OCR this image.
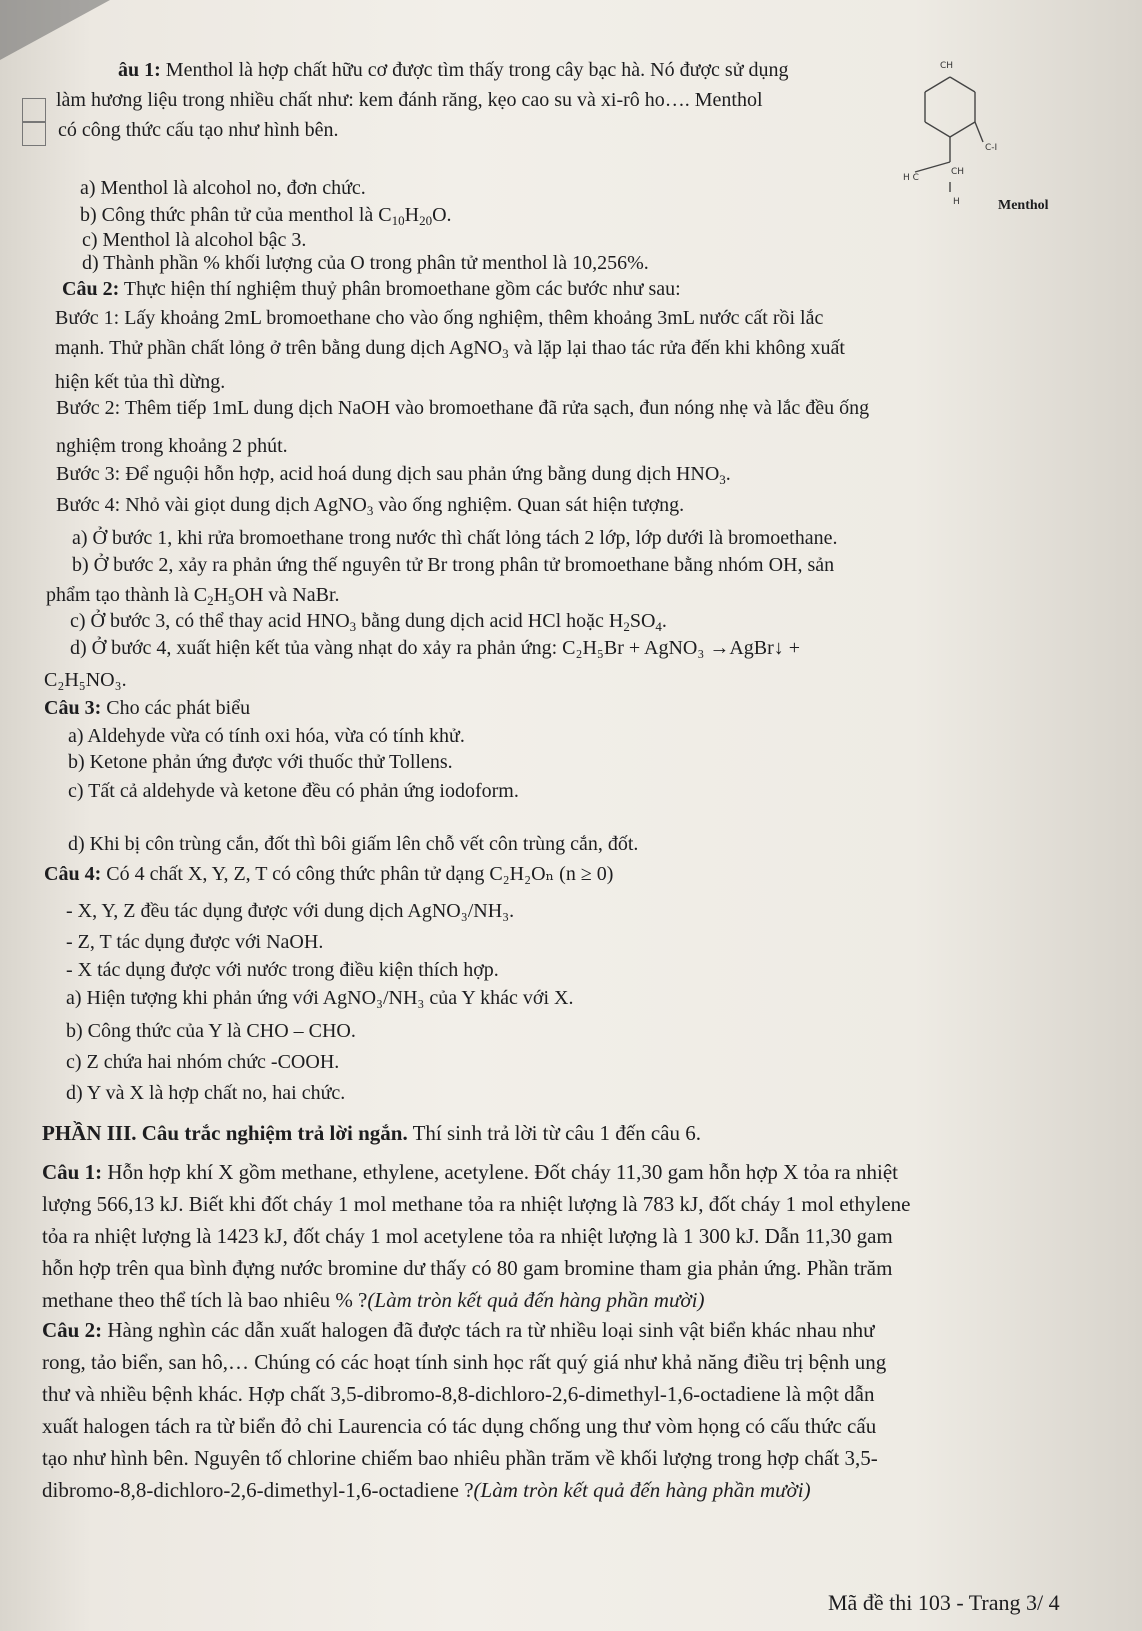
âu 1: Menthol là hợp chất hữu cơ được tìm thấy trong cây bạc hà. Nó được sử dụng
làm hương liệu trong nhiều chất như: kem đánh răng, kẹo cao su và xi-rô ho…. Menthol
có công thức cấu tạo như hình bên.
a) Menthol là alcohol no, đơn chức.
b) Công thức phân tử của menthol là $C_{10}H_{20}O$.
c) Menthol là alcohol bậc 3.
d) Thành phần % khối lượng của O trong phân tử menthol là 10,256%.
CH
C-I
H C
CH
H	Menthol
Câu 2: Thực hiện thí nghiệm thuỷ phân bromoethane gồm các bước như sau:
Bước 1: Lấy khoảng 2mL bromoethane cho vào ống nghiệm, thêm khoảng 3mL nước cất rồi lắc
mạnh. Thử phần chất lỏng ở trên bằng dung dịch AgNO$_3$ và lặp lại thao tác rửa đến khi không xuất
hiện kết tủa thì dừng.
Bước 2: Thêm tiếp 1mL dung dịch NaOH vào bromoethane đã rửa sạch, đun nóng nhẹ và lắc đều ống
nghiệm trong khoảng 2 phút.
Bước 3: Để nguội hỗn hợp, acid hoá dung dịch sau phản ứng bằng dung dịch $HNO_3$.
Bước 4: Nhỏ vài giọt dung dịch AgNO$_3$ vào ống nghiệm. Quan sát hiện tượng.
a) Ở bước 1, khi rửa bromoethane trong nước thì chất lỏng tách 2 lớp, lớp dưới là bromoethane.
b) Ở bước 2, xảy ra phản ứng thế nguyên tử Br trong phân tử bromoethane bằng nhóm OH, sản
phẩm tạo thành là $C_2H_5OH$ và NaBr.
c) Ở bước 3, có thể thay acid $HNO_3$ bằng dung dịch acid HCl hoặc $H_2SO_4$.
d) Ở bước 4, xuất hiện kết tủa vàng nhạt do xảy ra phản ứng: C₂H₅Br + AgNO₃ →AgBr↓ +
C₂H₅NO₃.
Câu 3: Cho các phát biểu
a) Aldehyde vừa có tính oxi hóa, vừa có tính khử.
b) Ketone phản ứng được với thuốc thử Tollens.
c) Tất cả aldehyde và ketone đều có phản ứng iodoform.
d) Khi bị côn trùng cắn, đốt thì bôi giấm lên chỗ vết côn trùng cắn, đốt.
Câu 4: Có 4 chất X, Y, Z, T có công thức phân tử dạng C₂H₂Oₙ (n ≥ 0)
- X, Y, Z đều tác dụng được với dung dịch AgNO₃/NH₃.
- Z, T tác dụng được với NaOH.
- X tác dụng được với nước trong điều kiện thích hợp.
a) Hiện tượng khi phản ứng với AgNO₃/NH₃ của Y khác với X.
b) Công thức của Y là CHO – CHO.
c) Z chứa hai nhóm chức -COOH.
d) Y và X là hợp chất no, hai chức.
PHẦN III. Câu trắc nghiệm trả lời ngắn. Thí sinh trả lời từ câu 1 đến câu 6.
Câu 1: Hỗn hợp khí X gồm methane, ethylene, acetylene. Đốt cháy 11,30 gam hỗn hợp X tỏa ra nhiệt
lượng 566,13 kJ. Biết khi đốt cháy 1 mol methane tỏa ra nhiệt lượng là 783 kJ, đốt cháy 1 mol ethylene
tỏa ra nhiệt lượng là 1423 kJ, đốt cháy 1 mol acetylene tỏa ra nhiệt lượng là 1 300 kJ. Dẫn 11,30 gam
hỗn hợp trên qua bình đựng nước bromine dư thấy có 80 gam bromine tham gia phản ứng. Phần trăm
methane theo thể tích là bao nhiêu % ?(Làm tròn kết quả đến hàng phần mười)
Câu 2: Hàng nghìn các dẫn xuất halogen đã được tách ra từ nhiều loại sinh vật biển khác nhau như
rong, tảo biển, san hô,… Chúng có các hoạt tính sinh học rất quý giá như khả năng điều trị bệnh ung
thư và nhiều bệnh khác. Hợp chất 3,5-dibromo-8,8-dichloro-2,6-dimethyl-1,6-octadiene là một dẫn
xuất halogen tách ra từ biển đỏ chi Laurencia có tác dụng chống ung thư vòm họng có cấu thức cấu
tạo như hình bên. Nguyên tố chlorine chiếm bao nhiêu phần trăm về khối lượng trong hợp chất 3,5-
dibromo-8,8-dichloro-2,6-dimethyl-1,6-octadiene ?(Làm tròn kết quả đến hàng phần mười)
Mã đề thi 103 - Trang 3/ 4
